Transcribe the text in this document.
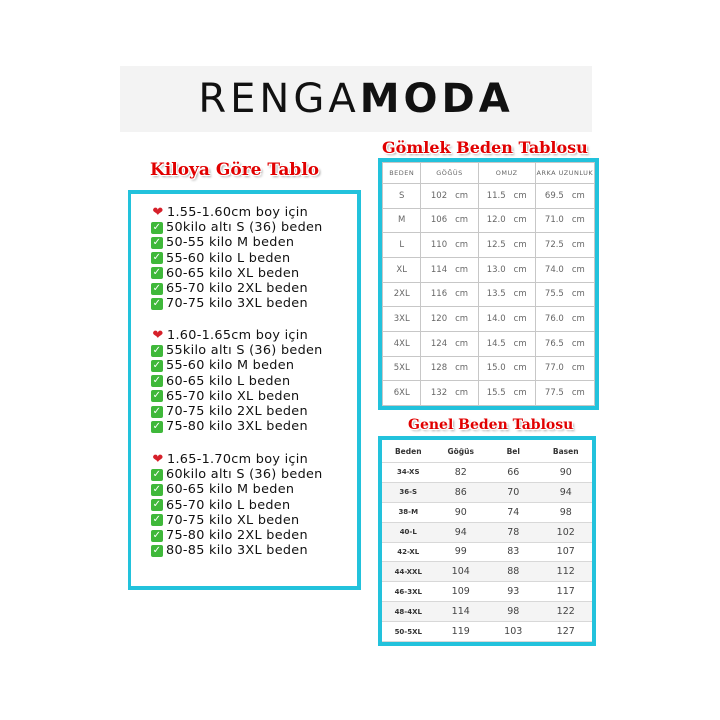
RENGA MODA
Kiloya Göre Tablo
Gömlek Beden Tablosu
Genel Beden Tablosu
❤ 1.55-1.60cm boy için
✓ 50kilo altı S (36) beden
✓ 50-55 kilo M beden
✓ 55-60 kilo L beden
✓ 60-65 kilo XL beden
✓ 65-70 kilo 2XL beden
✓ 70-75 kilo 3XL beden
❤ 1.60-1.65cm boy için
✓ 55kilo altı S (36) beden
✓ 55-60 kilo M beden
✓ 60-65 kilo L beden
✓ 65-70 kilo XL beden
✓ 70-75 kilo 2XL beden
✓ 75-80 kilo 3XL beden
❤ 1.65-1.70cm boy için
✓ 60kilo altı S (36) beden
✓ 60-65 kilo M beden
✓ 65-70 kilo L beden
✓ 70-75 kilo XL beden
✓ 75-80 kilo 2XL beden
✓ 80-85 kilo 3XL beden
BEDEN	GÖĞÜS	OMUZ	ARKA UZUNLUK
S	102 cm	11.5 cm	69.5 cm
M	106 cm	12.0 cm	71.0 cm
L	110 cm	12.5 cm	72.5 cm
XL	114 cm	13.0 cm	74.0 cm
2XL	116 cm	13.5 cm	75.5 cm
3XL	120 cm	14.0 cm	76.0 cm
4XL	124 cm	14.5 cm	76.5 cm
5XL	128 cm	15.0 cm	77.0 cm
6XL	132 cm	15.5 cm	77.5 cm
Beden	Göğüs	Bel	Basen
34-XS	82	66	90
36-S	86	70	94
38-M	90	74	98
40-L	94	78	102
42-XL	99	83	107
44-XXL	104	88	112
46-3XL	109	93	117
48-4XL	114	98	122
50-5XL	119	103	127
